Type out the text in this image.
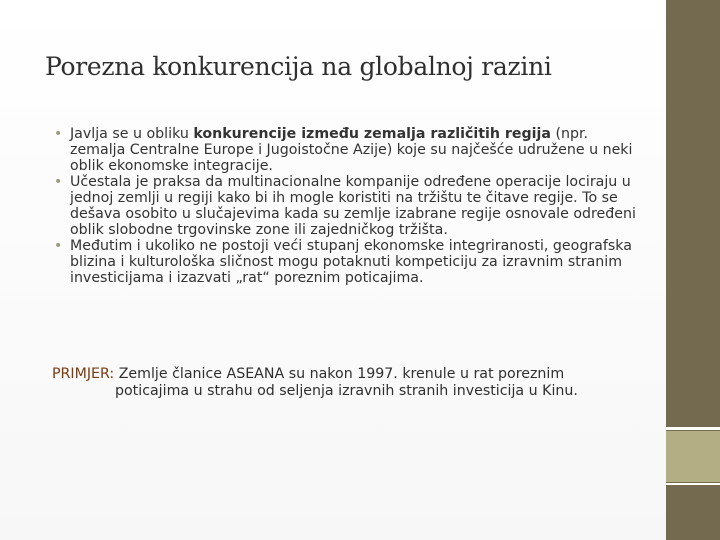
Porezna konkurencija na globalnoj razini
• Javlja se u obliku konkurencije između zemalja različitih regija (npr. zemalja Centralne Europe i Jugoistočne Azije) koje su najčešće udružene u neki oblik ekonomske integracije.
• Učestala je praksa da multinacionalne kompanije određene operacije lociraju u jednoj zemlji u regiji kako bi ih mogle koristiti na tržištu te čitave regije. To se dešava osobito u slučajevima kada su zemlje izabrane regije osnovale određeni oblik slobodne trgovinske zone ili zajedničkog tržišta.
• Međutim i ukoliko ne postoji veći stupanj ekonomske integriranosti, geografska blizina i kulturološka sličnost mogu potaknuti kompeticiju za izravnim stranim investicijama i izazvati „rat“ poreznim poticajima.
PRIMJER: Zemlje članice ASEANA su nakon 1997. krenule u rat poreznim
poticajima u strahu od seljenja izravnih stranih investicija u Kinu.
